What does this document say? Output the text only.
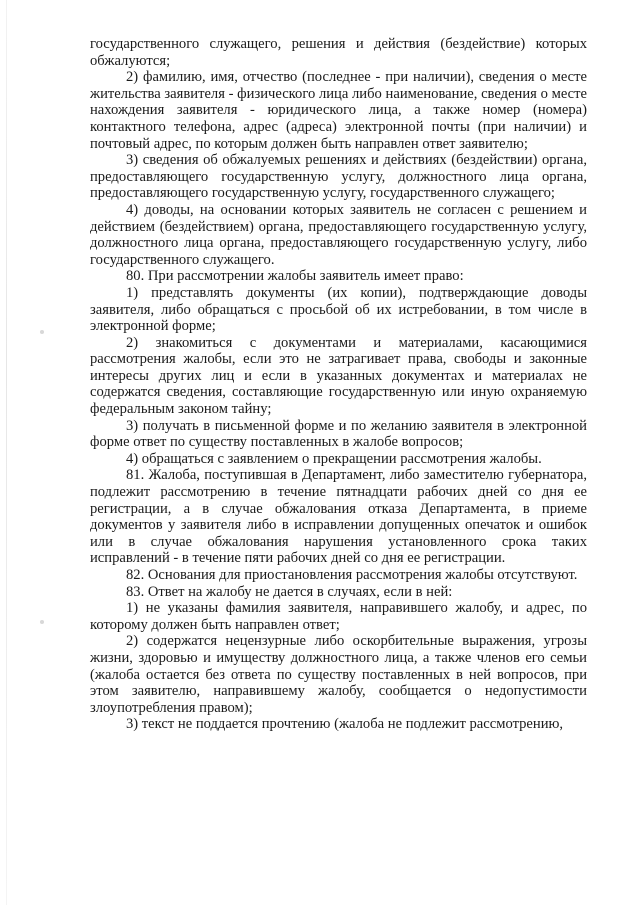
государственного служащего, решения и действия (бездействие) которых обжалуются;

2) фамилию, имя, отчество (последнее - при наличии), сведения о месте жительства заявителя - физического лица либо наименование, сведения о месте нахождения заявителя - юридического лица, а также номер (номера) контактного телефона, адрес (адреса) электронной почты (при наличии) и почтовый адрес, по которым должен быть направлен ответ заявителю;

3) сведения об обжалуемых решениях и действиях (бездействии) органа, предоставляющего государственную услугу, должностного лица органа, предоставляющего государственную услугу, государственного служащего;

4) доводы, на основании которых заявитель не согласен с решением и действием (бездействием) органа, предоставляющего государственную услугу, должностного лица органа, предоставляющего государственную услугу, либо государственного служащего.

80. При рассмотрении жалобы заявитель имеет право:

1) представлять документы (их копии), подтверждающие доводы заявителя, либо обращаться с просьбой об их истребовании, в том числе в электронной форме;

2) знакомиться с документами и материалами, касающимися рассмотрения жалобы, если это не затрагивает права, свободы и законные интересы других лиц и если в указанных документах и материалах не содержатся сведения, составляющие государственную или иную охраняемую федеральным законом тайну;

3) получать в письменной форме и по желанию заявителя в электронной форме ответ по существу поставленных в жалобе вопросов;

4) обращаться с заявлением о прекращении рассмотрения жалобы.

81. Жалоба, поступившая в Департамент, либо заместителю губернатора, подлежит рассмотрению в течение пятнадцати рабочих дней со дня ее регистрации, а в случае обжалования отказа Департамента, в приеме документов у заявителя либо в исправлении допущенных опечаток и ошибок или в случае обжалования нарушения установленного срока таких исправлений - в течение пяти рабочих дней со дня ее регистрации.

82. Основания для приостановления рассмотрения жалобы отсутствуют.

83. Ответ на жалобу не дается в случаях, если в ней:

1) не указаны фамилия заявителя, направившего жалобу, и адрес, по которому должен быть направлен ответ;

2) содержатся нецензурные либо оскорбительные выражения, угрозы жизни, здоровью и имуществу должностного лица, а также членов его семьи (жалоба остается без ответа по существу поставленных в ней вопросов, при этом заявителю, направившему жалобу, сообщается о недопустимости злоупотребления правом);

3) текст не поддается прочтению (жалоба не подлежит рассмотрению,
